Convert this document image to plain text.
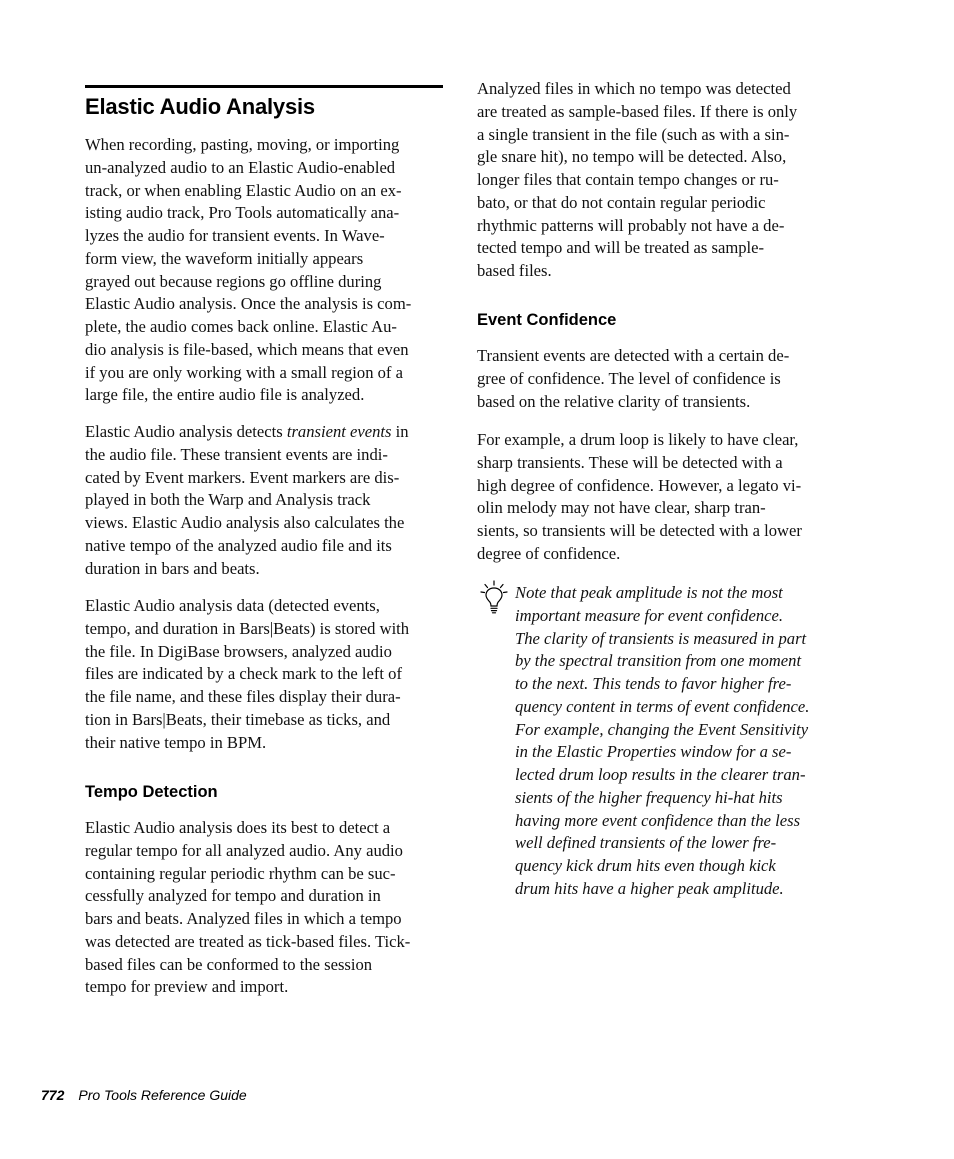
Elastic Audio Analysis
When recording, pasting, moving, or importing
un-analyzed audio to an Elastic Audio-enabled
track, or when enabling Elastic Audio on an ex-
isting audio track, Pro Tools automatically ana-
lyzes the audio for transient events. In Wave-
form view, the waveform initially appears
grayed out because regions go offline during
Elastic Audio analysis. Once the analysis is com-
plete, the audio comes back online. Elastic Au-
dio analysis is file-based, which means that even
if you are only working with a small region of a
large file, the entire audio file is analyzed.
Elastic Audio analysis detects transient events in
the audio file. These transient events are indi-
cated by Event markers. Event markers are dis-
played in both the Warp and Analysis track
views. Elastic Audio analysis also calculates the
native tempo of the analyzed audio file and its
duration in bars and beats.
Elastic Audio analysis data (detected events,
tempo, and duration in Bars|Beats) is stored with
the file. In DigiBase browsers, analyzed audio
files are indicated by a check mark to the left of
the file name, and these files display their dura-
tion in Bars|Beats, their timebase as ticks, and
their native tempo in BPM.
Tempo Detection
Elastic Audio analysis does its best to detect a
regular tempo for all analyzed audio. Any audio
containing regular periodic rhythm can be suc-
cessfully analyzed for tempo and duration in
bars and beats. Analyzed files in which a tempo
was detected are treated as tick-based files. Tick-
based files can be conformed to the session
tempo for preview and import.
Analyzed files in which no tempo was detected
are treated as sample-based files. If there is only
a single transient in the file (such as with a sin-
gle snare hit), no tempo will be detected. Also,
longer files that contain tempo changes or ru-
bato, or that do not contain regular periodic
rhythmic patterns will probably not have a de-
tected tempo and will be treated as sample-
based files.
Event Confidence
Transient events are detected with a certain de-
gree of confidence. The level of confidence is
based on the relative clarity of transients.
For example, a drum loop is likely to have clear,
sharp transients. These will be detected with a
high degree of confidence. However, a legato vi-
olin melody may not have clear, sharp tran-
sients, so transients will be detected with a lower
degree of confidence.
Note that peak amplitude is not the most
important measure for event confidence.
The clarity of transients is measured in part
by the spectral transition from one moment
to the next. This tends to favor higher fre-
quency content in terms of event confidence.
For example, changing the Event Sensitivity
in the Elastic Properties window for a se-
lected drum loop results in the clearer tran-
sients of the higher frequency hi-hat hits
having more event confidence than the less
well defined transients of the lower fre-
quency kick drum hits even though kick
drum hits have a higher peak amplitude.

772 Pro Tools Reference Guide
